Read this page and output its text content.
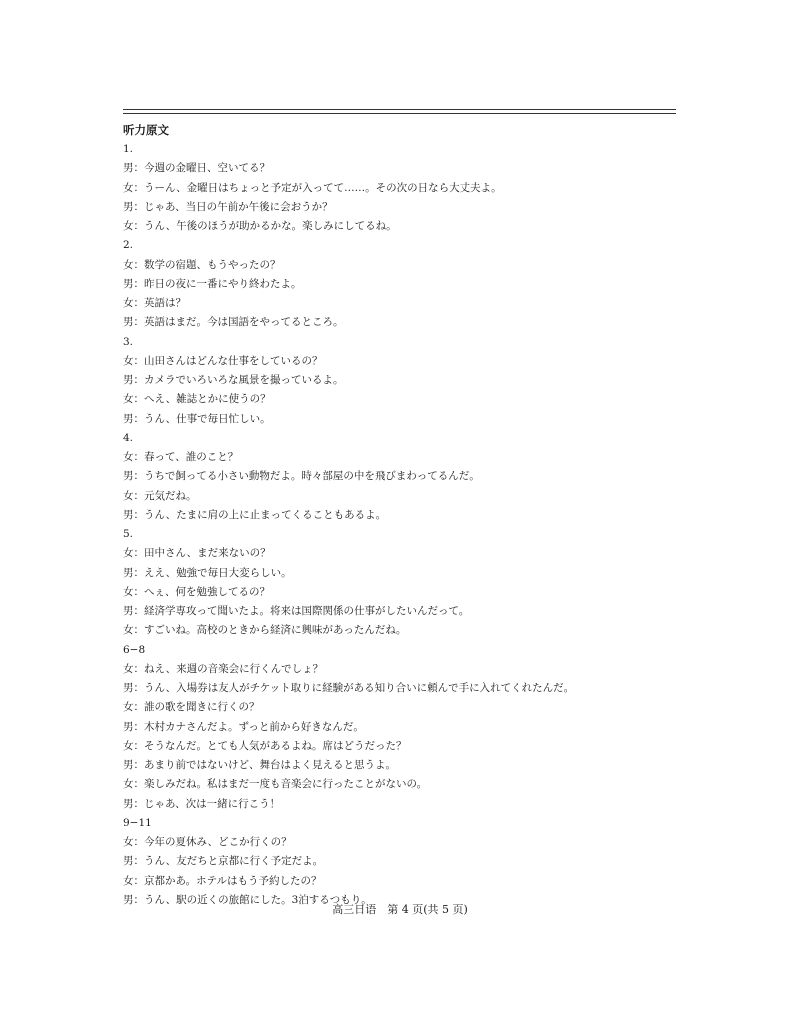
听力原文
1.
男：今週の金曜日、空いてる？
女：うーん、金曜日はちょっと予定が入ってて……。その次の日なら大丈夫よ。
男：じゃあ、当日の午前か午後に会おうか？
女：うん、午後のほうが助かるかな。楽しみにしてるね。
2.
女：数学の宿題、もうやったの？
男：昨日の夜に一番にやり終わたよ。
女：英語は？
男：英語はまだ。今は国語をやってるところ。
3.
女：山田さんはどんな仕事をしているの？
男：カメラでいろいろな風景を撮っているよ。
女：へえ、雑誌とかに使うの？
男：うん、仕事で毎日忙しい。
4.
女：春って、誰のこと？
男：うちで飼ってる小さい動物だよ。時々部屋の中を飛びまわってるんだ。
女：元気だね。
男：うん、たまに肩の上に止まってくることもあるよ。
5.
女：田中さん、まだ来ないの？
男：ええ、勉強で毎日大変らしい。
女：へぇ、何を勉強してるの？
男：経済学専攻って聞いたよ。将来は国際関係の仕事がしたいんだって。
女：すごいね。高校のときから経済に興味があったんだね。
6−8
女：ねえ、来週の音楽会に行くんでしょ？
男：うん、入場券は友人がチケット取りに経験がある知り合いに頼んで手に入れてくれたんだ。
女：誰の歌を聞きに行くの？
男：木村カナさんだよ。ずっと前から好きなんだ。
女：そうなんだ。とても人気があるよね。席はどうだった？
男：あまり前ではないけど、舞台はよく見えると思うよ。
女：楽しみだね。私はまだ一度も音楽会に行ったことがないの。
男：じゃあ、次は一緒に行こう！
9−11
女：今年の夏休み、どこか行くの？
男：うん、友だちと京都に行く予定だよ。
女：京都かあ。ホテルはもう予約したの？
男：うん、駅の近くの旅館にした。3泊するつもり。
高三日语　第 4 页(共 5 页)
